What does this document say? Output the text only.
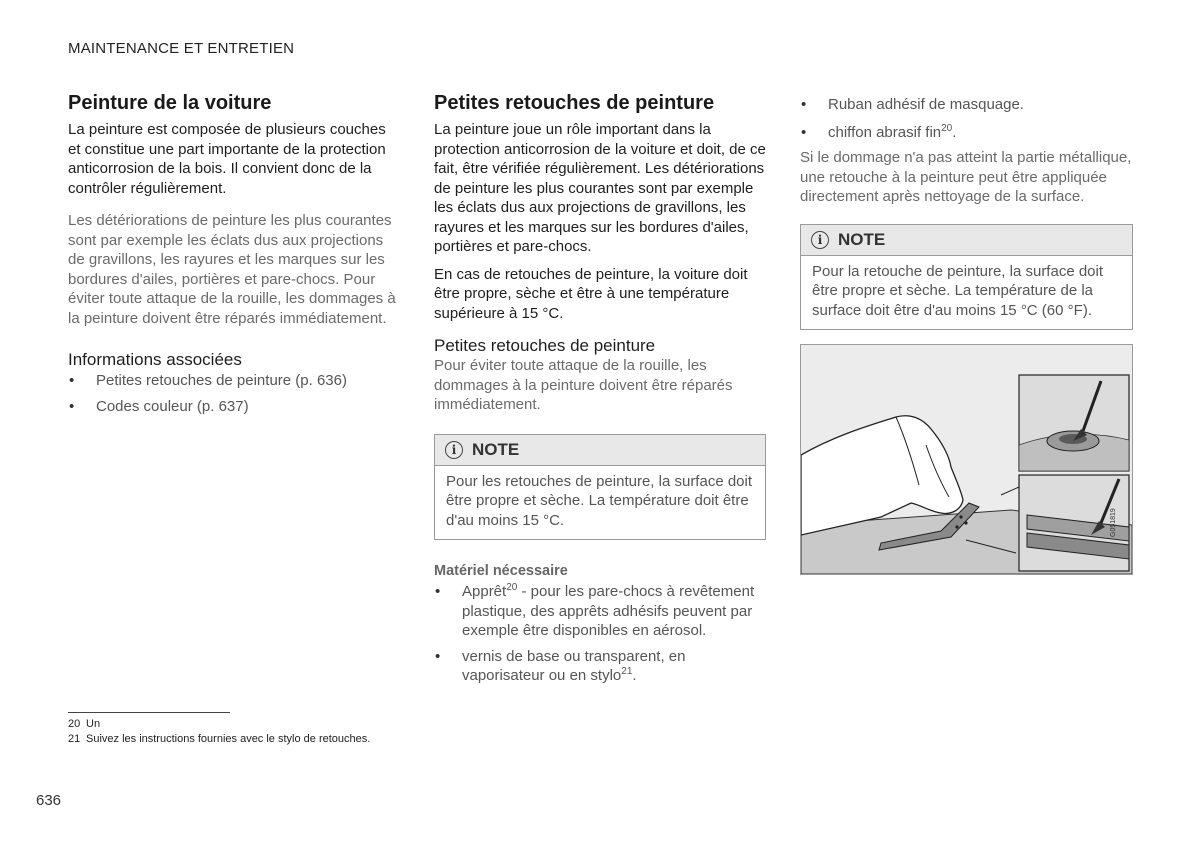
MAINTENANCE ET ENTRETIEN
Peinture de la voiture

La peinture est composée de plusieurs couches et constitue une part importante de la protection anticorrosion de la bois. Il convient donc de la contrôler régulièrement.

Les détériorations de peinture les plus courantes sont par exemple les éclats dus aux projections de gravillons, les rayures et les marques sur les bordures d'ailes, portières et pare-chocs. Pour éviter toute attaque de la rouille, les dommages à la peinture doivent être réparés immédiatement.

Informations associées
• Petites retouches de peinture (p. 636)
• Codes couleur (p. 637)
Petites retouches de peinture

La peinture joue un rôle important dans la protection anticorrosion de la voiture et doit, de ce fait, être vérifiée régulièrement. Les détériorations de peinture les plus courantes sont par exemple les éclats dus aux projections de gravillons, les rayures et les marques sur les bordures d'ailes, portières et pare-chocs.

En cas de retouches de peinture, la voiture doit être propre, sèche et être à une température supérieure à 15 °C.

Petites retouches de peinture

Pour éviter toute attaque de la rouille, les dommages à la peinture doivent être réparés immédiatement.

i NOTE
Pour les retouches de peinture, la surface doit être propre et sèche. La température doit être d'au moins 15 °C.
Matériel nécessaire
• Apprêt$^{20}$ - pour les pare-chocs à revêtement plastique, des apprêts adhésifs peuvent par exemple être disponibles en aérosol.
• vernis de base ou transparent, en vaporisateur ou en stylo$^{21}$.
• Ruban adhésif de masquage.
• chiffon abrasif fin$^{20}$.

Si le dommage n'a pas atteint la partie métallique, une retouche à la peinture peut être appliquée directement après nettoyage de la surface.

i NOTE
Pour la retouche de peinture, la surface doit être propre et sèche. La température de la surface doit être d'au moins 15 °C (60 °F).
G051819
20 Un
21 Suivez les instructions fournies avec le stylo de retouches.
636
